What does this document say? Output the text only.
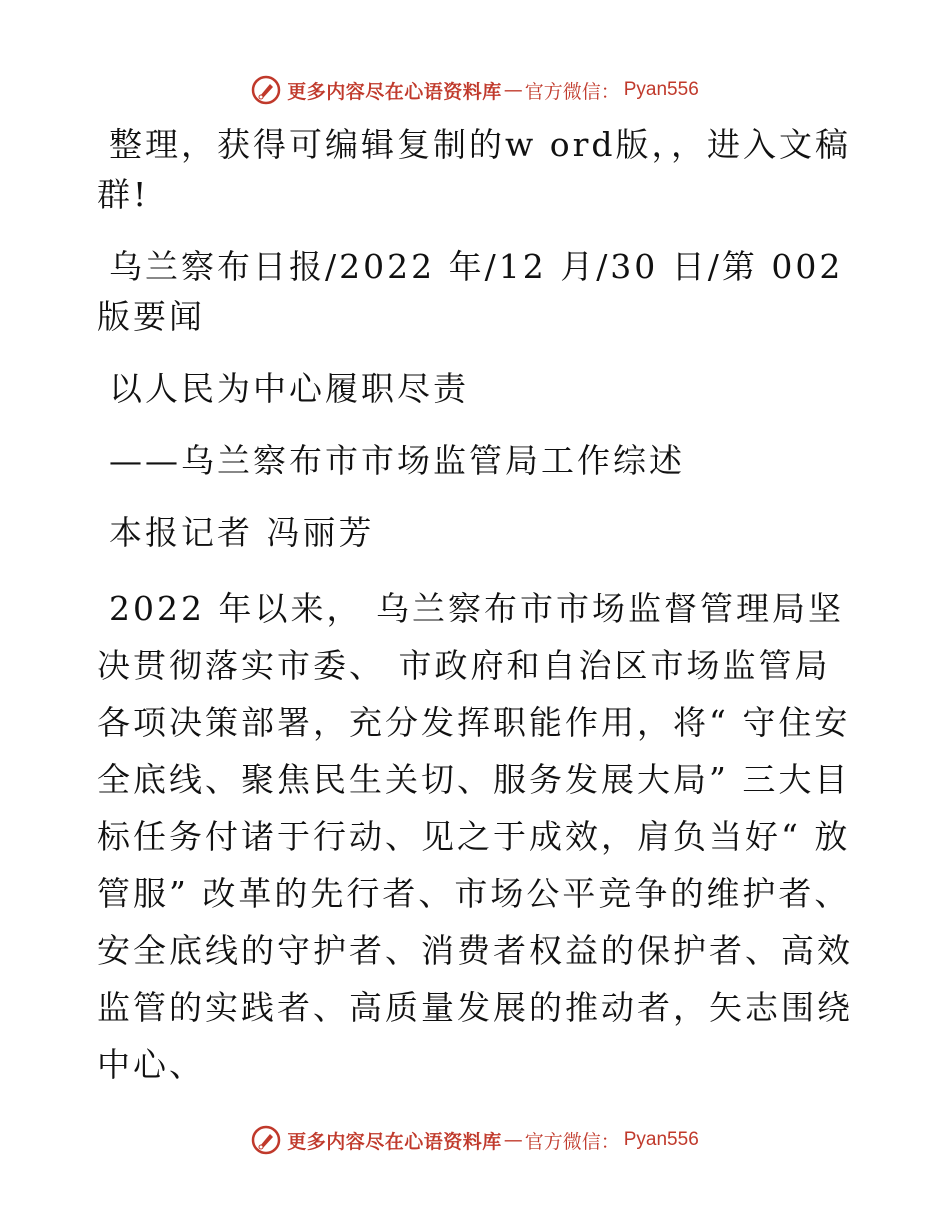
更多内容尽在心语资料库 — 官方微信： Pyan556

整理，获得可编辑复制的w ord版，，进入文稿群!

乌兰察布日报/2022 年/12 月/30 日/第 002 版要闻

以人民为中心履职尽责

——乌兰察布市市场监管局工作综述

本报记者 冯丽芳

2022 年以来， 乌兰察布市市场监督管理局坚决贯彻落实市委、 市政府和自治区市场监管局各项决策部署，充分发挥职能作用，将“ 守住安全底线、聚焦民生关切、服务发展大局” 三大目标任务付诸于行动、见之于成效，肩负当好“ 放管服” 改革的先行者、市场公平竞争的维护者、安全底线的守护者、消费者权益的保护者、高效监管的实践者、高质量发展的推动者，矢志围绕中心、

更多内容尽在心语资料库 — 官方微信： Pyan556
